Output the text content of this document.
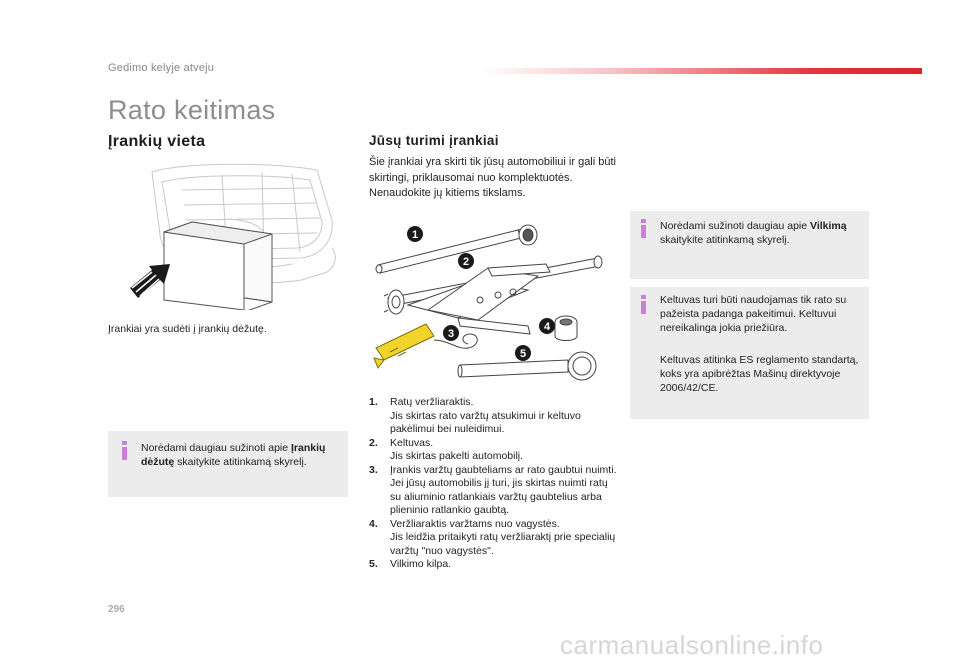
Gedimo kelyje atveju
Rato keitimas
Įrankių vieta	Jūsų turimi įrankiai
Šie įrankiai yra skirti tik jūsų automobiliui ir gali būti skirtingi, priklausomai nuo komplektuotės. Nenaudokite jų kitiems tikslams.
Įrankiai yra sudėti į įrankių dėžutę.
1
2
3
4
5
1.	Ratų veržliaraktis.
Jis skirtas rato varžtų atsukimui ir keltuvo pakėlimui bei nuleidimui.
2.	Keltuvas.
Jis skirtas pakelti automobilį.
3.	Įrankis varžtų gaubteliams ar rato gaubtui nuimti.
Jei jūsų automobilis jį turi, jis skirtas nuimti ratų su aliuminio ratlankiais varžtų gaubtelius arba plieninio ratlankio gaubtą.
4.	Veržliaraktis varžtams nuo vagystės.
Jis leidžia pritaikyti ratų veržliaraktį prie specialių varžtų "nuo vagystės".
5.	Vilkimo kilpa.
Norėdami daugiau sužinoti apie Įrankių dėžutę skaitykite atitinkamą skyrelį.
Norėdami sužinoti daugiau apie Vilkimą skaitykite atitinkamą skyrelį.
Keltuvas turi būti naudojamas tik rato su pažeista padanga pakeitimui. Keltuvui nereikalinga jokia priežiūra.
Keltuvas atitinka ES reglamento standartą, koks yra apibrėžtas Mašinų direktyvoje 2006/42/CE.
296
carmanualsonline.info
